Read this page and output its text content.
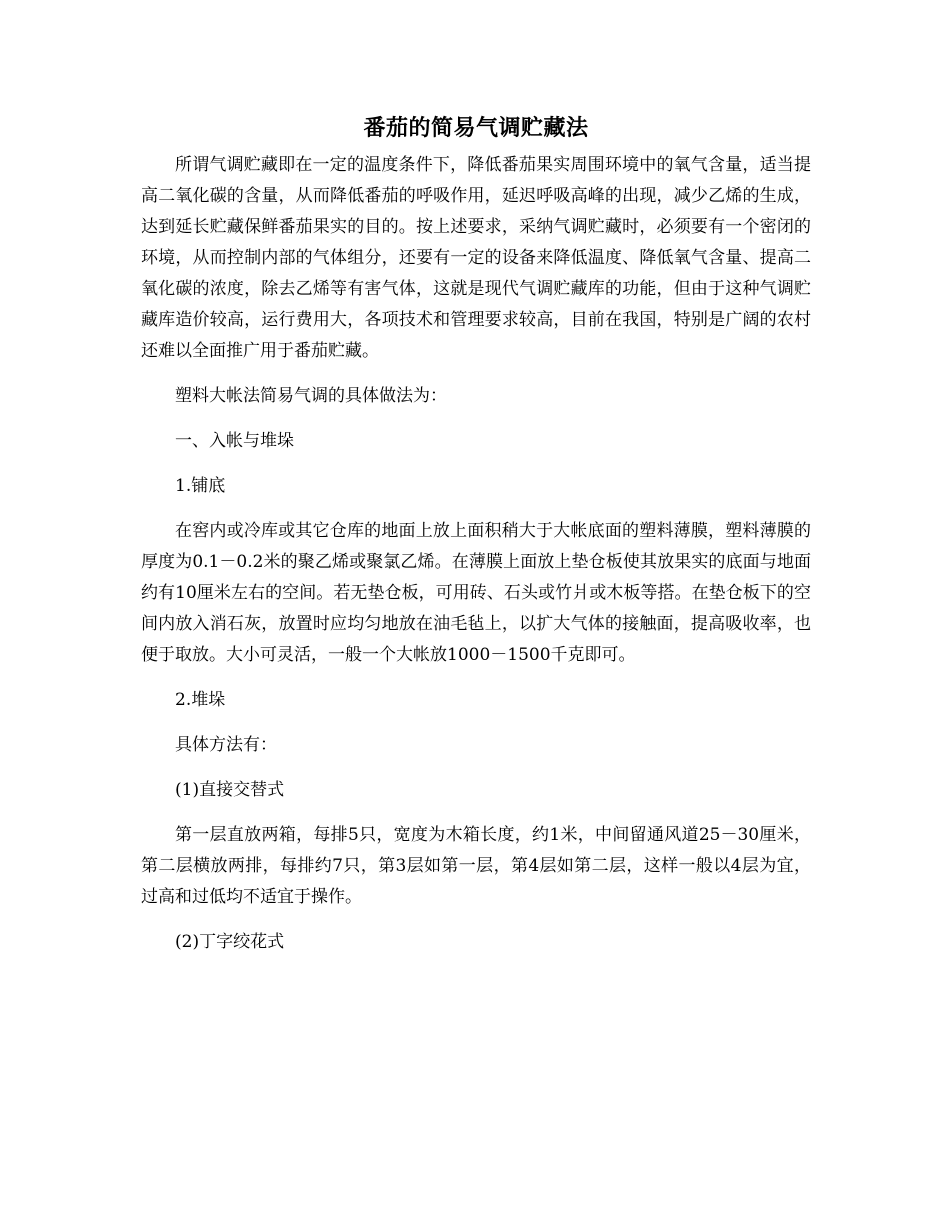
番茄的简易气调贮藏法
所谓气调贮藏即在一定的温度条件下，降低番茄果实周围环境中的氧气含量，适当提高二氧化碳的含量，从而降低番茄的呼吸作用，延迟呼吸高峰的出现，减少乙烯的生成，达到延长贮藏保鲜番茄果实的目的。按上述要求，采纳气调贮藏时，必须要有一个密闭的环境，从而控制内部的气体组分，还要有一定的设备来降低温度、降低氧气含量、提高二氧化碳的浓度，除去乙烯等有害气体，这就是现代气调贮藏库的功能，但由于这种气调贮藏库造价较高，运行费用大，各项技术和管理要求较高，目前在我国，特别是广阔的农村还难以全面推广用于番茄贮藏。
塑料大帐法简易气调的具体做法为：
一、入帐与堆垛
1.铺底
在窖内或冷库或其它仓库的地面上放上面积稍大于大帐底面的塑料薄膜，塑料薄膜的厚度为0.1－0.2米的聚乙烯或聚氯乙烯。在薄膜上面放上垫仓板使其放果实的底面与地面约有10厘米左右的空间。若无垫仓板，可用砖、石头或竹爿或木板等搭。在垫仓板下的空间内放入消石灰，放置时应均匀地放在油毛毡上，以扩大气体的接触面，提高吸收率，也便于取放。大小可灵活，一般一个大帐放1000－1500千克即可。
2.堆垛
具体方法有：
(1)直接交替式
第一层直放两箱，每排5只，宽度为木箱长度，约1米，中间留通风道25－30厘米，第二层横放两排，每排约7只，第3层如第一层，第4层如第二层，这样一般以4层为宜，过高和过低均不适宜于操作。
(2)丁字绞花式
